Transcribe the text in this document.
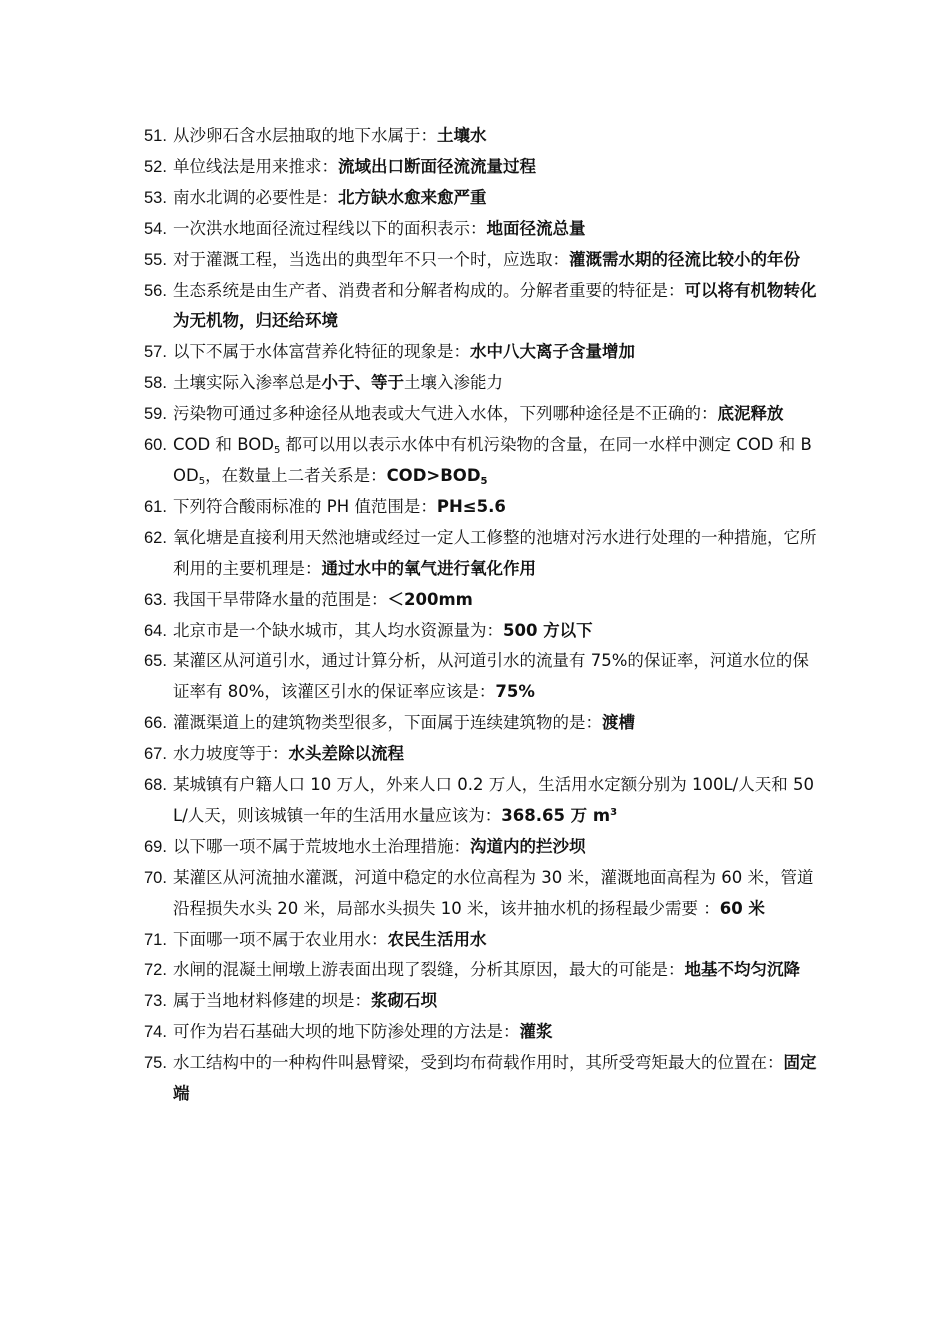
51. 从沙卵石含水层抽取的地下水属于：土壤水
52. 单位线法是用来推求：流域出口断面径流流量过程
53. 南水北调的必要性是：北方缺水愈来愈严重
54. 一次洪水地面径流过程线以下的面积表示：地面径流总量
55. 对于灌溉工程，当选出的典型年不只一个时，应选取：灌溉需水期的径流比较小的年份
56. 生态系统是由生产者、消费者和分解者构成的。分解者重要的特征是：可以将有机物转化为无机物，归还给环境
57. 以下不属于水体富营养化特征的现象是：水中八大离子含量增加
58. 土壤实际入渗率总是小于、等于土壤入渗能力
59. 污染物可通过多种途径从地表或大气进入水体，下列哪种途径是不正确的：底泥释放
60. COD 和 $BOD_5$ 都可以用以表示水体中有机污染物的含量，在同一水样中测定 COD 和 $BOD_5$，在数量上二者关系是：$COD>BOD_5$
61. 下列符合酸雨标准的 PH 值范围是：PH≤5.6
62. 氧化塘是直接利用天然池塘或经过一定人工修整的池塘对污水进行处理的一种措施，它所利用的主要机理是：通过水中的氧气进行氧化作用
63. 我国干旱带降水量的范围是：＜200mm
64. 北京市是一个缺水城市，其人均水资源量为：500 方以下
65. 某灌区从河道引水，通过计算分析，从河道引水的流量有 75%的保证率，河道水位的保证率有 80%，该灌区引水的保证率应该是：75%
66. 灌溉渠道上的建筑物类型很多，下面属于连续建筑物的是：渡槽
67. 水力坡度等于：水头差除以流程
68. 某城镇有户籍人口 10 万人，外来人口 0.2 万人，生活用水定额分别为 100L/人天和 50L/人天，则该城镇一年的生活用水量应该为：368.65 万 $m^3$
69. 以下哪一项不属于荒坡地水土治理措施：沟道内的拦沙坝
70. 某灌区从河流抽水灌溉，河道中稳定的水位高程为 30 米，灌溉地面高程为 60 米，管道沿程损失水头 20 米，局部水头损失 10 米，该井抽水机的扬程最少需要 ：60 米
71. 下面哪一项不属于农业用水：农民生活用水
72. 水闸的混凝土闸墩上游表面出现了裂缝，分析其原因，最大的可能是：地基不均匀沉降
73. 属于当地材料修建的坝是：浆砌石坝
74. 可作为岩石基础大坝的地下防渗处理的方法是：灌浆
75. 水工结构中的一种构件叫悬臂梁，受到均布荷载作用时，其所受弯矩最大的位置在：固定端
